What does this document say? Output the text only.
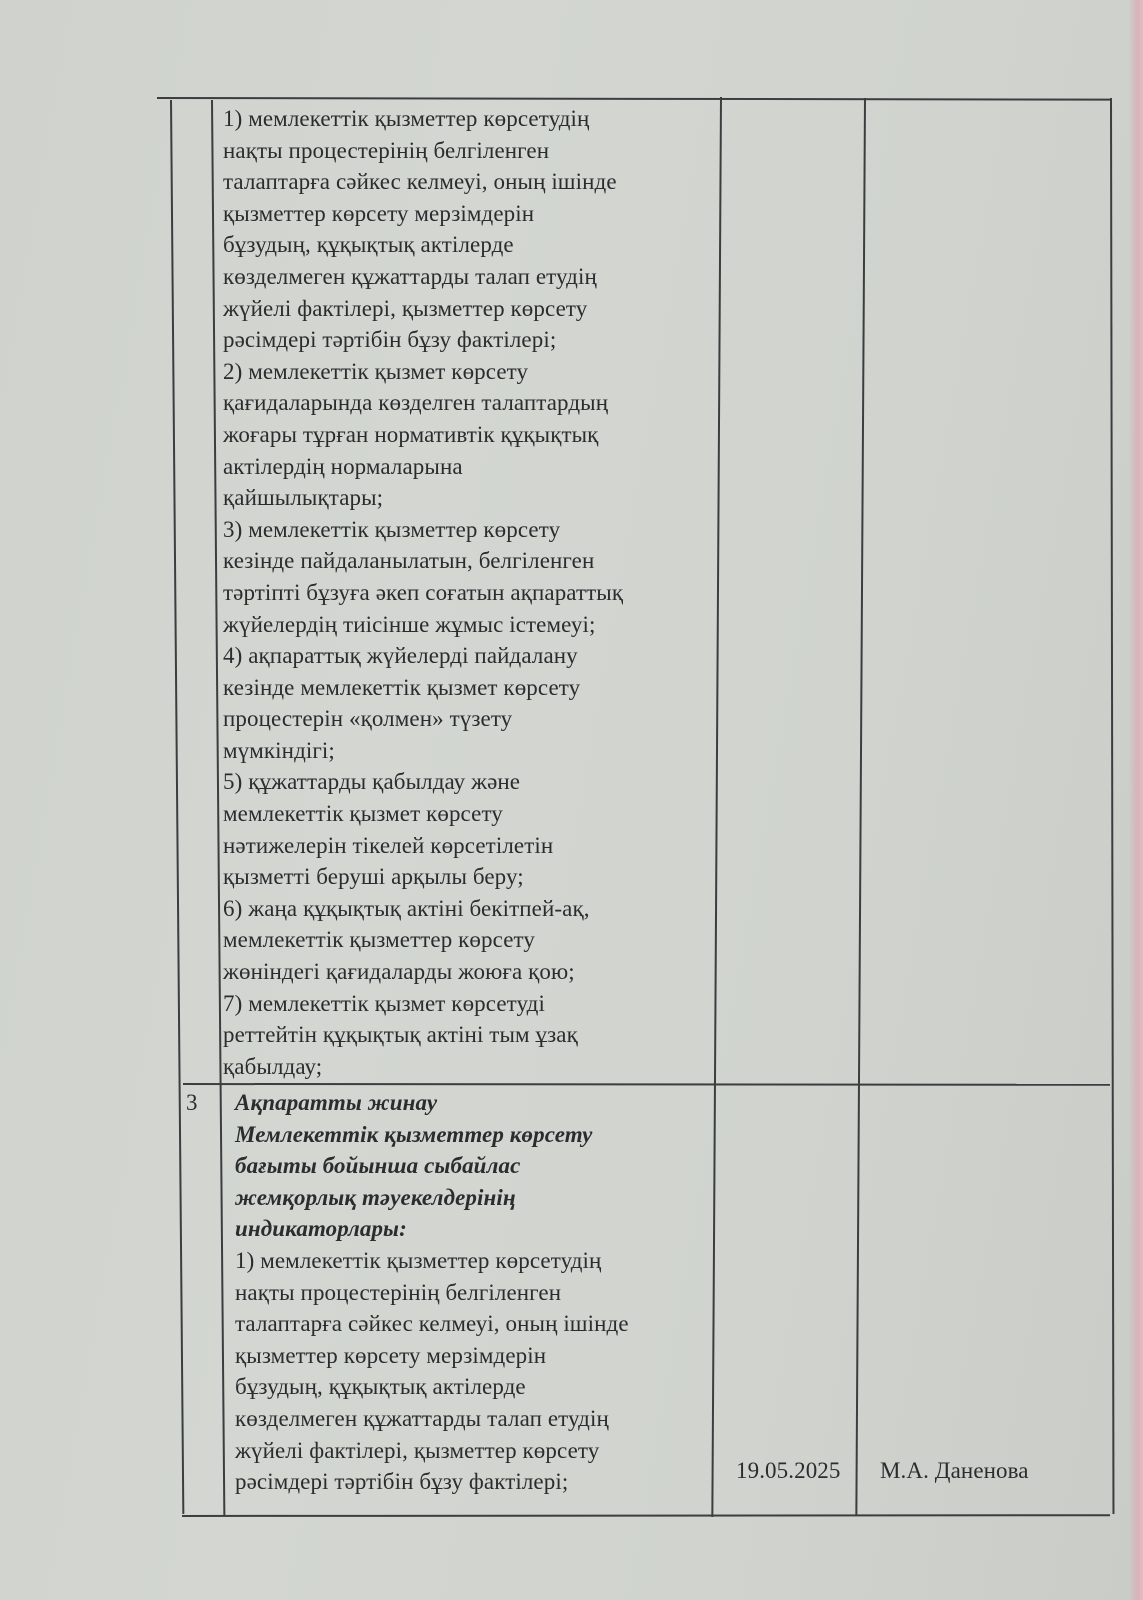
1) мемлекеттік қызметтер көрсетудің
нақты процестерінің белгіленген
талаптарға сәйкес келмеуі, оның ішінде
қызметтер көрсету мерзімдерін
бұзудың, құқықтық актілерде
көзделмеген құжаттарды талап етудің
жүйелі фактілері, қызметтер көрсету
рәсімдері тәртібін бұзу фактілері;
2) мемлекеттік қызмет көрсету
қағидаларында көзделген талаптардың
жоғары тұрған нормативтік құқықтық
актілердің нормаларына
қайшылықтары;
3) мемлекеттік қызметтер көрсету
кезінде пайдаланылатын, белгіленген
тәртіпті бұзуға әкеп соғатын ақпараттық
жүйелердің тиісінше жұмыс істемеуі;
4) ақпараттық жүйелерді пайдалану
кезінде мемлекеттік қызмет көрсету
процестерін «қолмен» түзету
мүмкіндігі;
5) құжаттарды қабылдау және
мемлекеттік қызмет көрсету
нәтижелерін тікелей көрсетілетін
қызметті беруші арқылы беру;
6) жаңа құқықтық актіні бекітпей-ақ,
мемлекеттік қызметтер көрсету
жөніндегі қағидаларды жоюға қою;
7) мемлекеттік қызмет көрсетуді
реттейтін құқықтық актіні тым ұзақ
қабылдау;
3 Ақпаратты жинау
Мемлекеттік қызметтер көрсету
бағыты бойынша сыбайлас
жемқорлық тәуекелдерінің
индикаторлары:
1) мемлекеттік қызметтер көрсетудің
нақты процестерінің белгіленген
талаптарға сәйкес келмеуі, оның ішінде
қызметтер көрсету мерзімдерін
бұзудың, құқықтық актілерде
көзделмеген құжаттарды талап етудің
жүйелі фактілері, қызметтер көрсету
рәсімдері тәртібін бұзу фактілері;	19.05.2025 М.А. Даненова
